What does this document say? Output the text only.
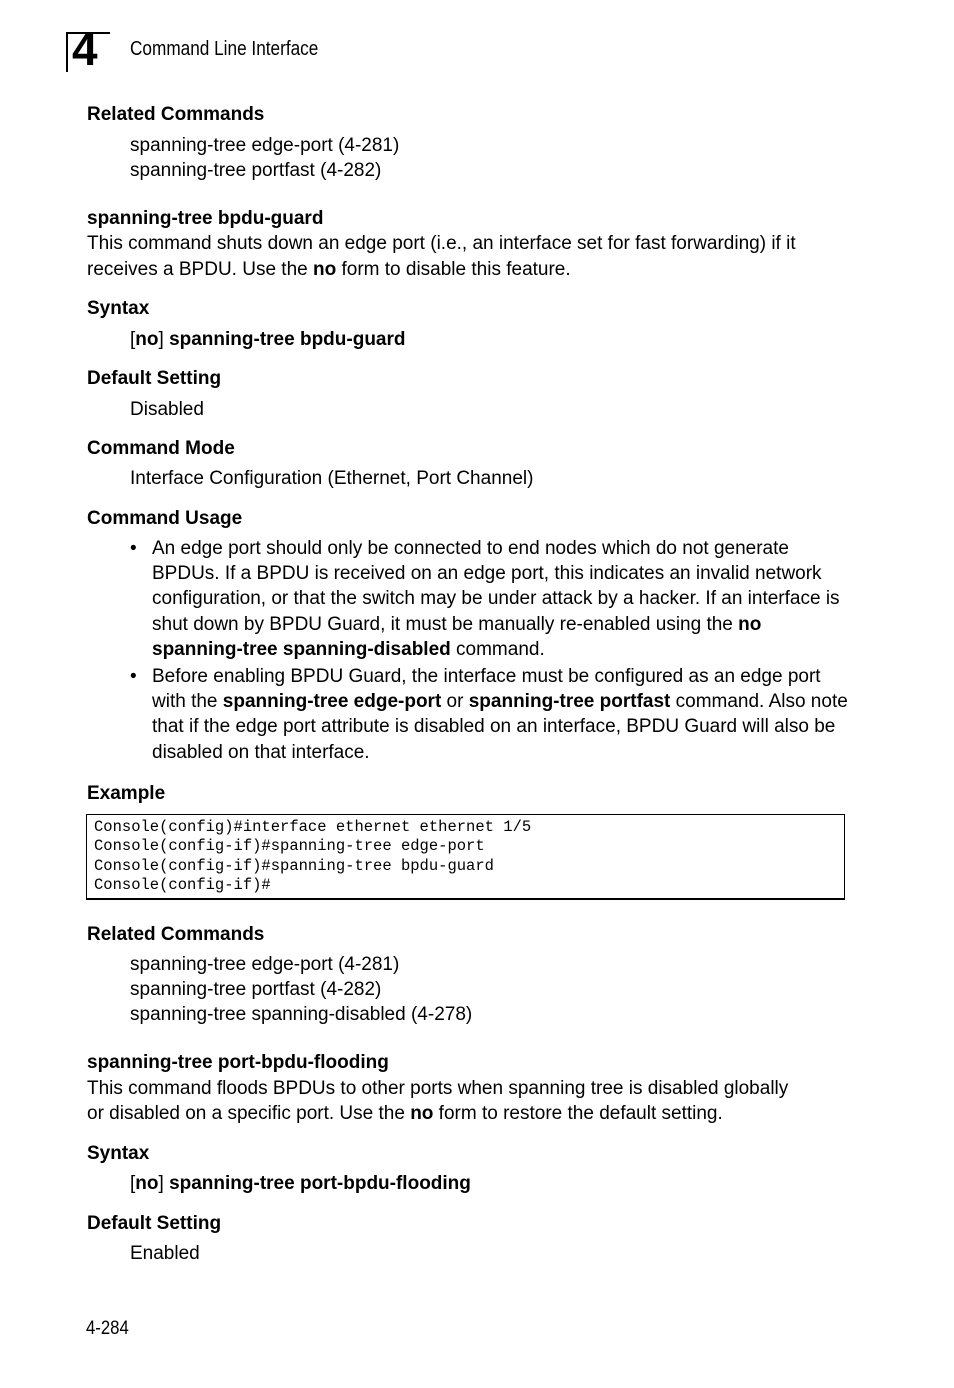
4 Command Line Interface
Related Commands
spanning-tree edge-port (4-281)
spanning-tree portfast (4-282)
spanning-tree bpdu-guard
This command shuts down an edge port (i.e., an interface set for fast forwarding) if it
receives a BPDU. Use the no form to disable this feature.
Syntax
[no] spanning-tree bpdu-guard
Default Setting
Disabled
Command Mode
Interface Configuration (Ethernet, Port Channel)
Command Usage
• An edge port should only be connected to end nodes which do not generate BPDUs. If a BPDU is received on an edge port, this indicates an invalid network configuration, or that the switch may be under attack by a hacker. If an interface is shut down by BPDU Guard, it must be manually re-enabled using the no spanning-tree spanning-disabled command.
• Before enabling BPDU Guard, the interface must be configured as an edge port with the spanning-tree edge-port or spanning-tree portfast command. Also note that if the edge port attribute is disabled on an interface, BPDU Guard will also be disabled on that interface.
Example
Console(config)#interface ethernet ethernet 1/5
Console(config-if)#spanning-tree edge-port
Console(config-if)#spanning-tree bpdu-guard
Console(config-if)#
Related Commands
spanning-tree edge-port (4-281)
spanning-tree portfast (4-282)
spanning-tree spanning-disabled (4-278)
spanning-tree port-bpdu-flooding
This command floods BPDUs to other ports when spanning tree is disabled globally
or disabled on a specific port. Use the no form to restore the default setting.
Syntax
[no] spanning-tree port-bpdu-flooding
Default Setting
Enabled
4-284
